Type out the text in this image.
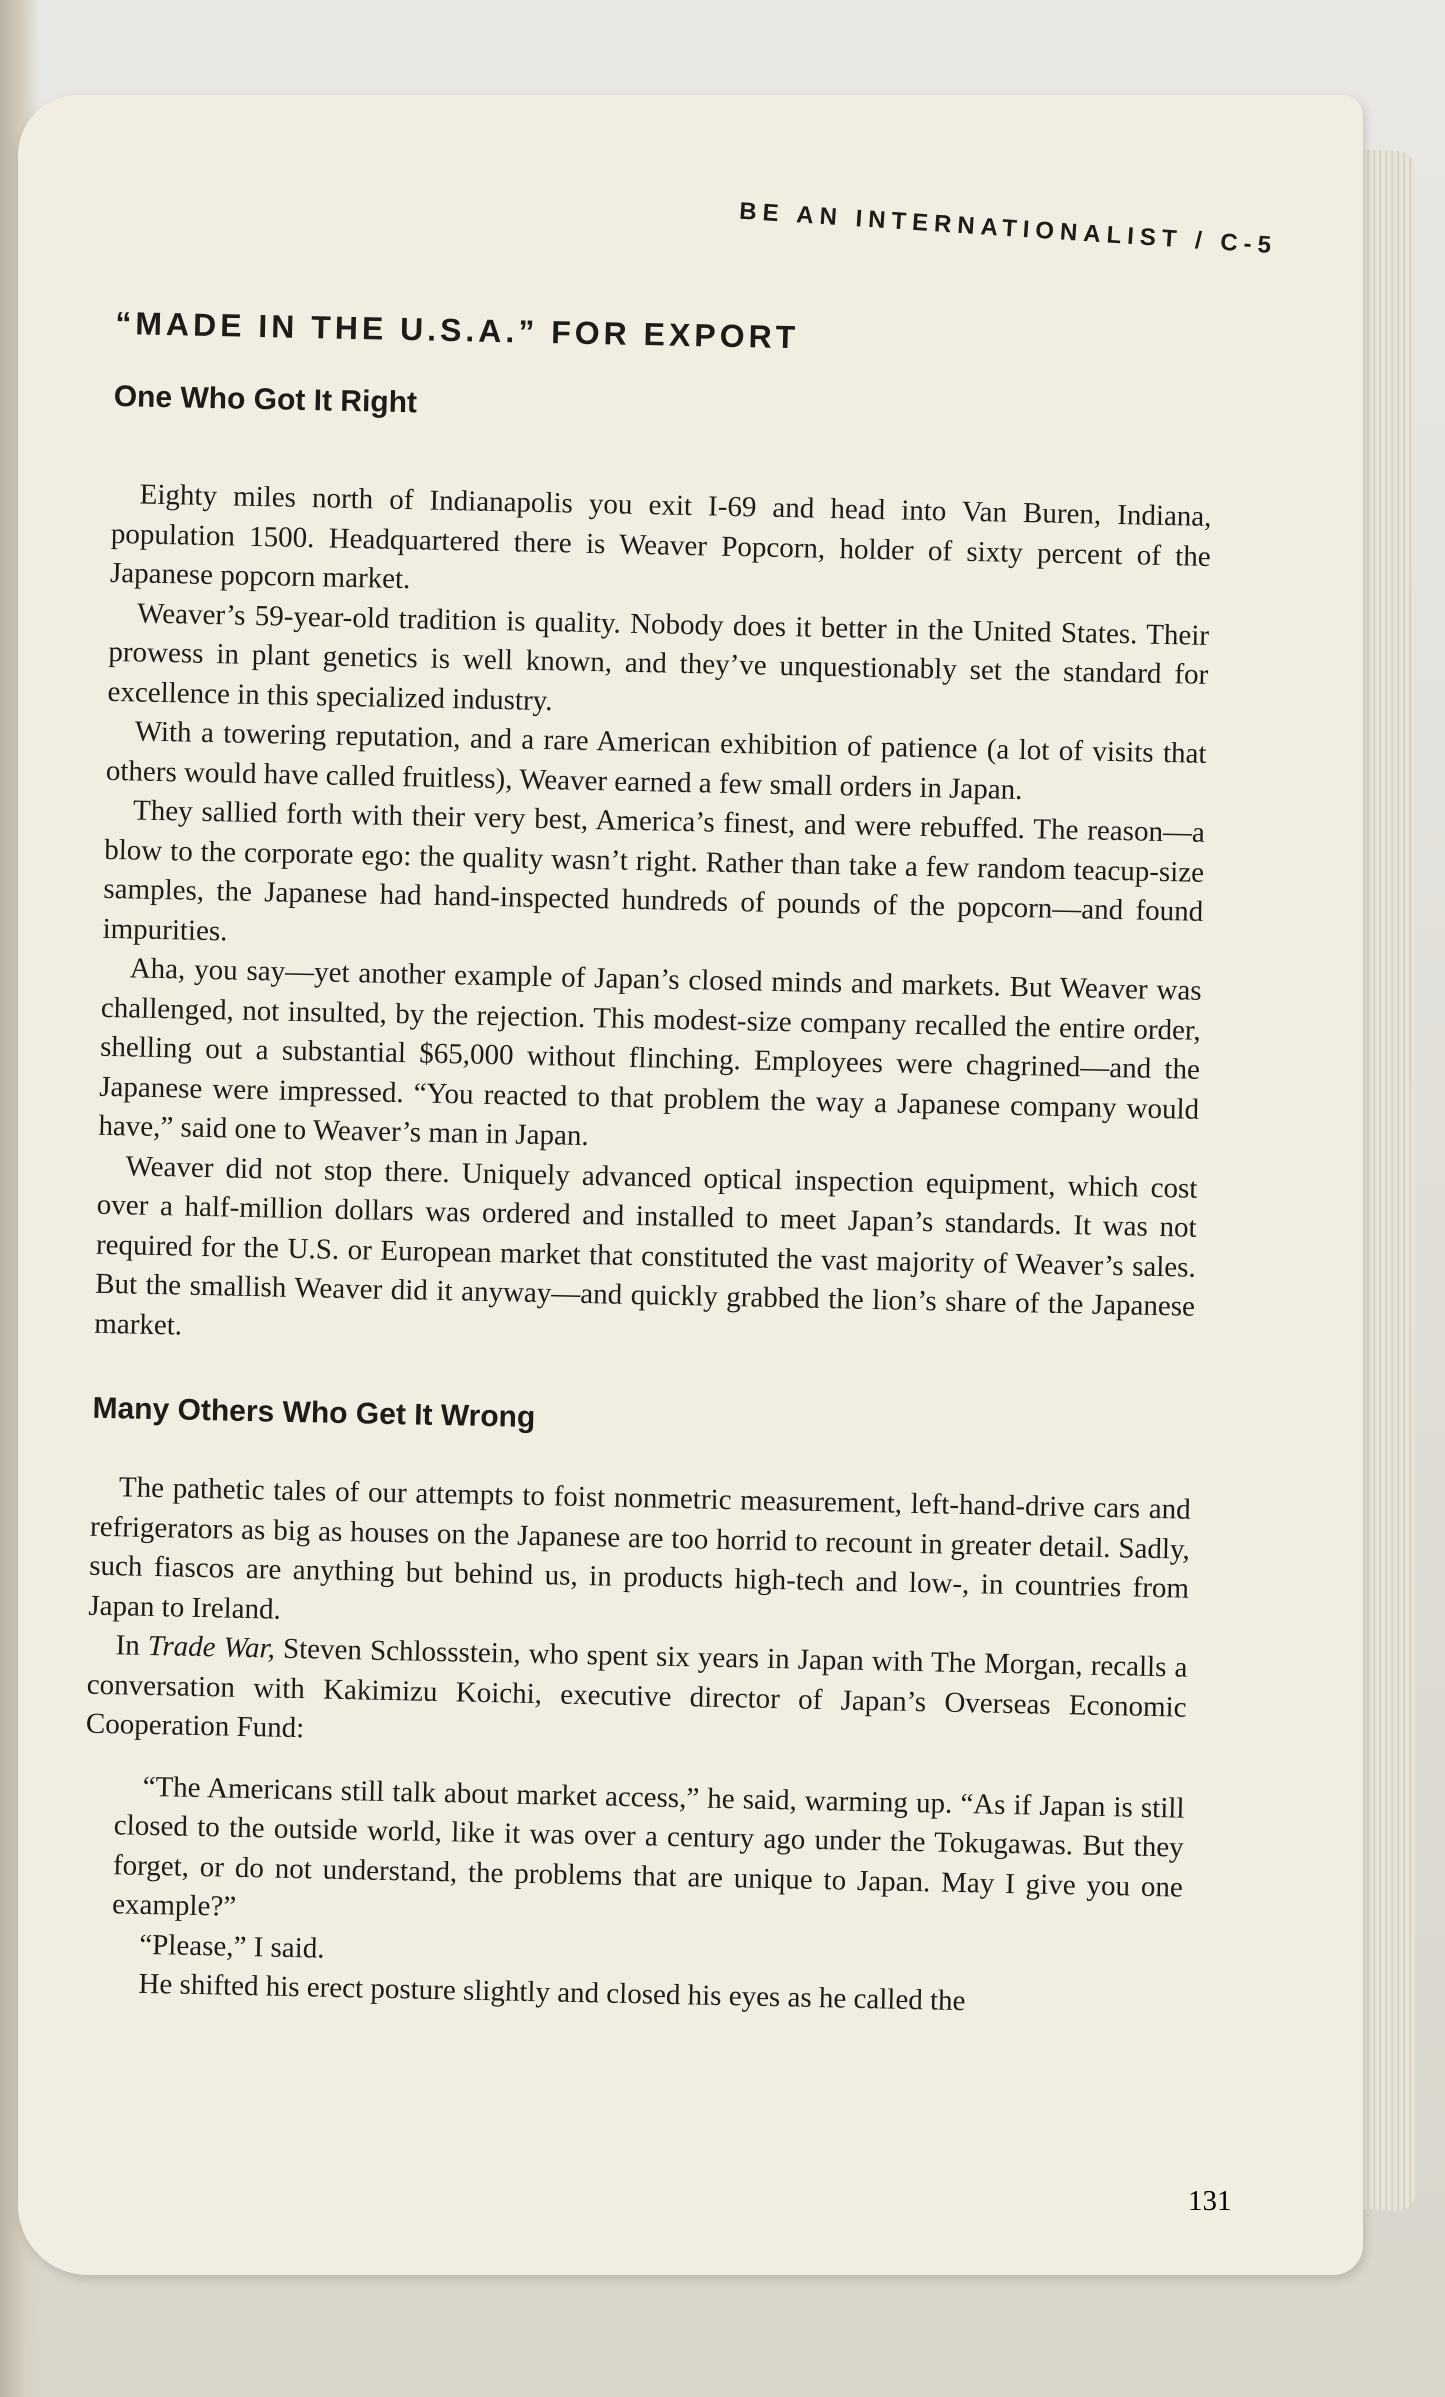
BE AN INTERNATIONALIST / C-5
“MADE IN THE U.S.A.” FOR EXPORT
One Who Got It Right

Eighty miles north of Indianapolis you exit I-69 and head into Van Buren, Indiana, population 1500. Headquartered there is Weaver Popcorn, holder of sixty percent of the Japanese popcorn market.

Weaver’s 59-year-old tradition is quality. Nobody does it better in the United States. Their prowess in plant genetics is well known, and they’ve unquestionably set the standard for excellence in this specialized industry.

With a towering reputation, and a rare American exhibition of patience (a lot of visits that others would have called fruitless), Weaver earned a few small orders in Japan.

They sallied forth with their very best, America’s finest, and were rebuffed. The reason—a blow to the corporate ego: the quality wasn’t right. Rather than take a few random teacup-size samples, the Japanese had hand-inspected hundreds of pounds of the popcorn—and found impurities.

Aha, you say—yet another example of Japan’s closed minds and markets. But Weaver was challenged, not insulted, by the rejection. This modest-size company recalled the entire order, shelling out a substantial $65,000 without flinching. Employees were chagrined—and the Japanese were impressed. “You reacted to that problem the way a Japanese company would have,” said one to Weaver’s man in Japan.

Weaver did not stop there. Uniquely advanced optical inspection equipment, which cost over a half-million dollars was ordered and installed to meet Japan’s standards. It was not required for the U.S. or European market that constituted the vast majority of Weaver’s sales. But the smallish Weaver did it anyway—and quickly grabbed the lion’s share of the Japanese market.

Many Others Who Get It Wrong

The pathetic tales of our attempts to foist nonmetric measurement, left-hand-drive cars and refrigerators as big as houses on the Japanese are too horrid to recount in greater detail. Sadly, such fiascos are anything but behind us, in products high-tech and low-, in countries from Japan to Ireland.

In Trade War, Steven Schlossstein, who spent six years in Japan with The Morgan, recalls a conversation with Kakimizu Koichi, executive director of Japan’s Overseas Economic Cooperation Fund:

“The Americans still talk about market access,” he said, warming up. “As if Japan is still closed to the outside world, like it was over a century ago under the Tokugawas. But they forget, or do not understand, the problems that are unique to Japan. May I give you one example?”

“Please,” I said.

He shifted his erect posture slightly and closed his eyes as he called the

131
